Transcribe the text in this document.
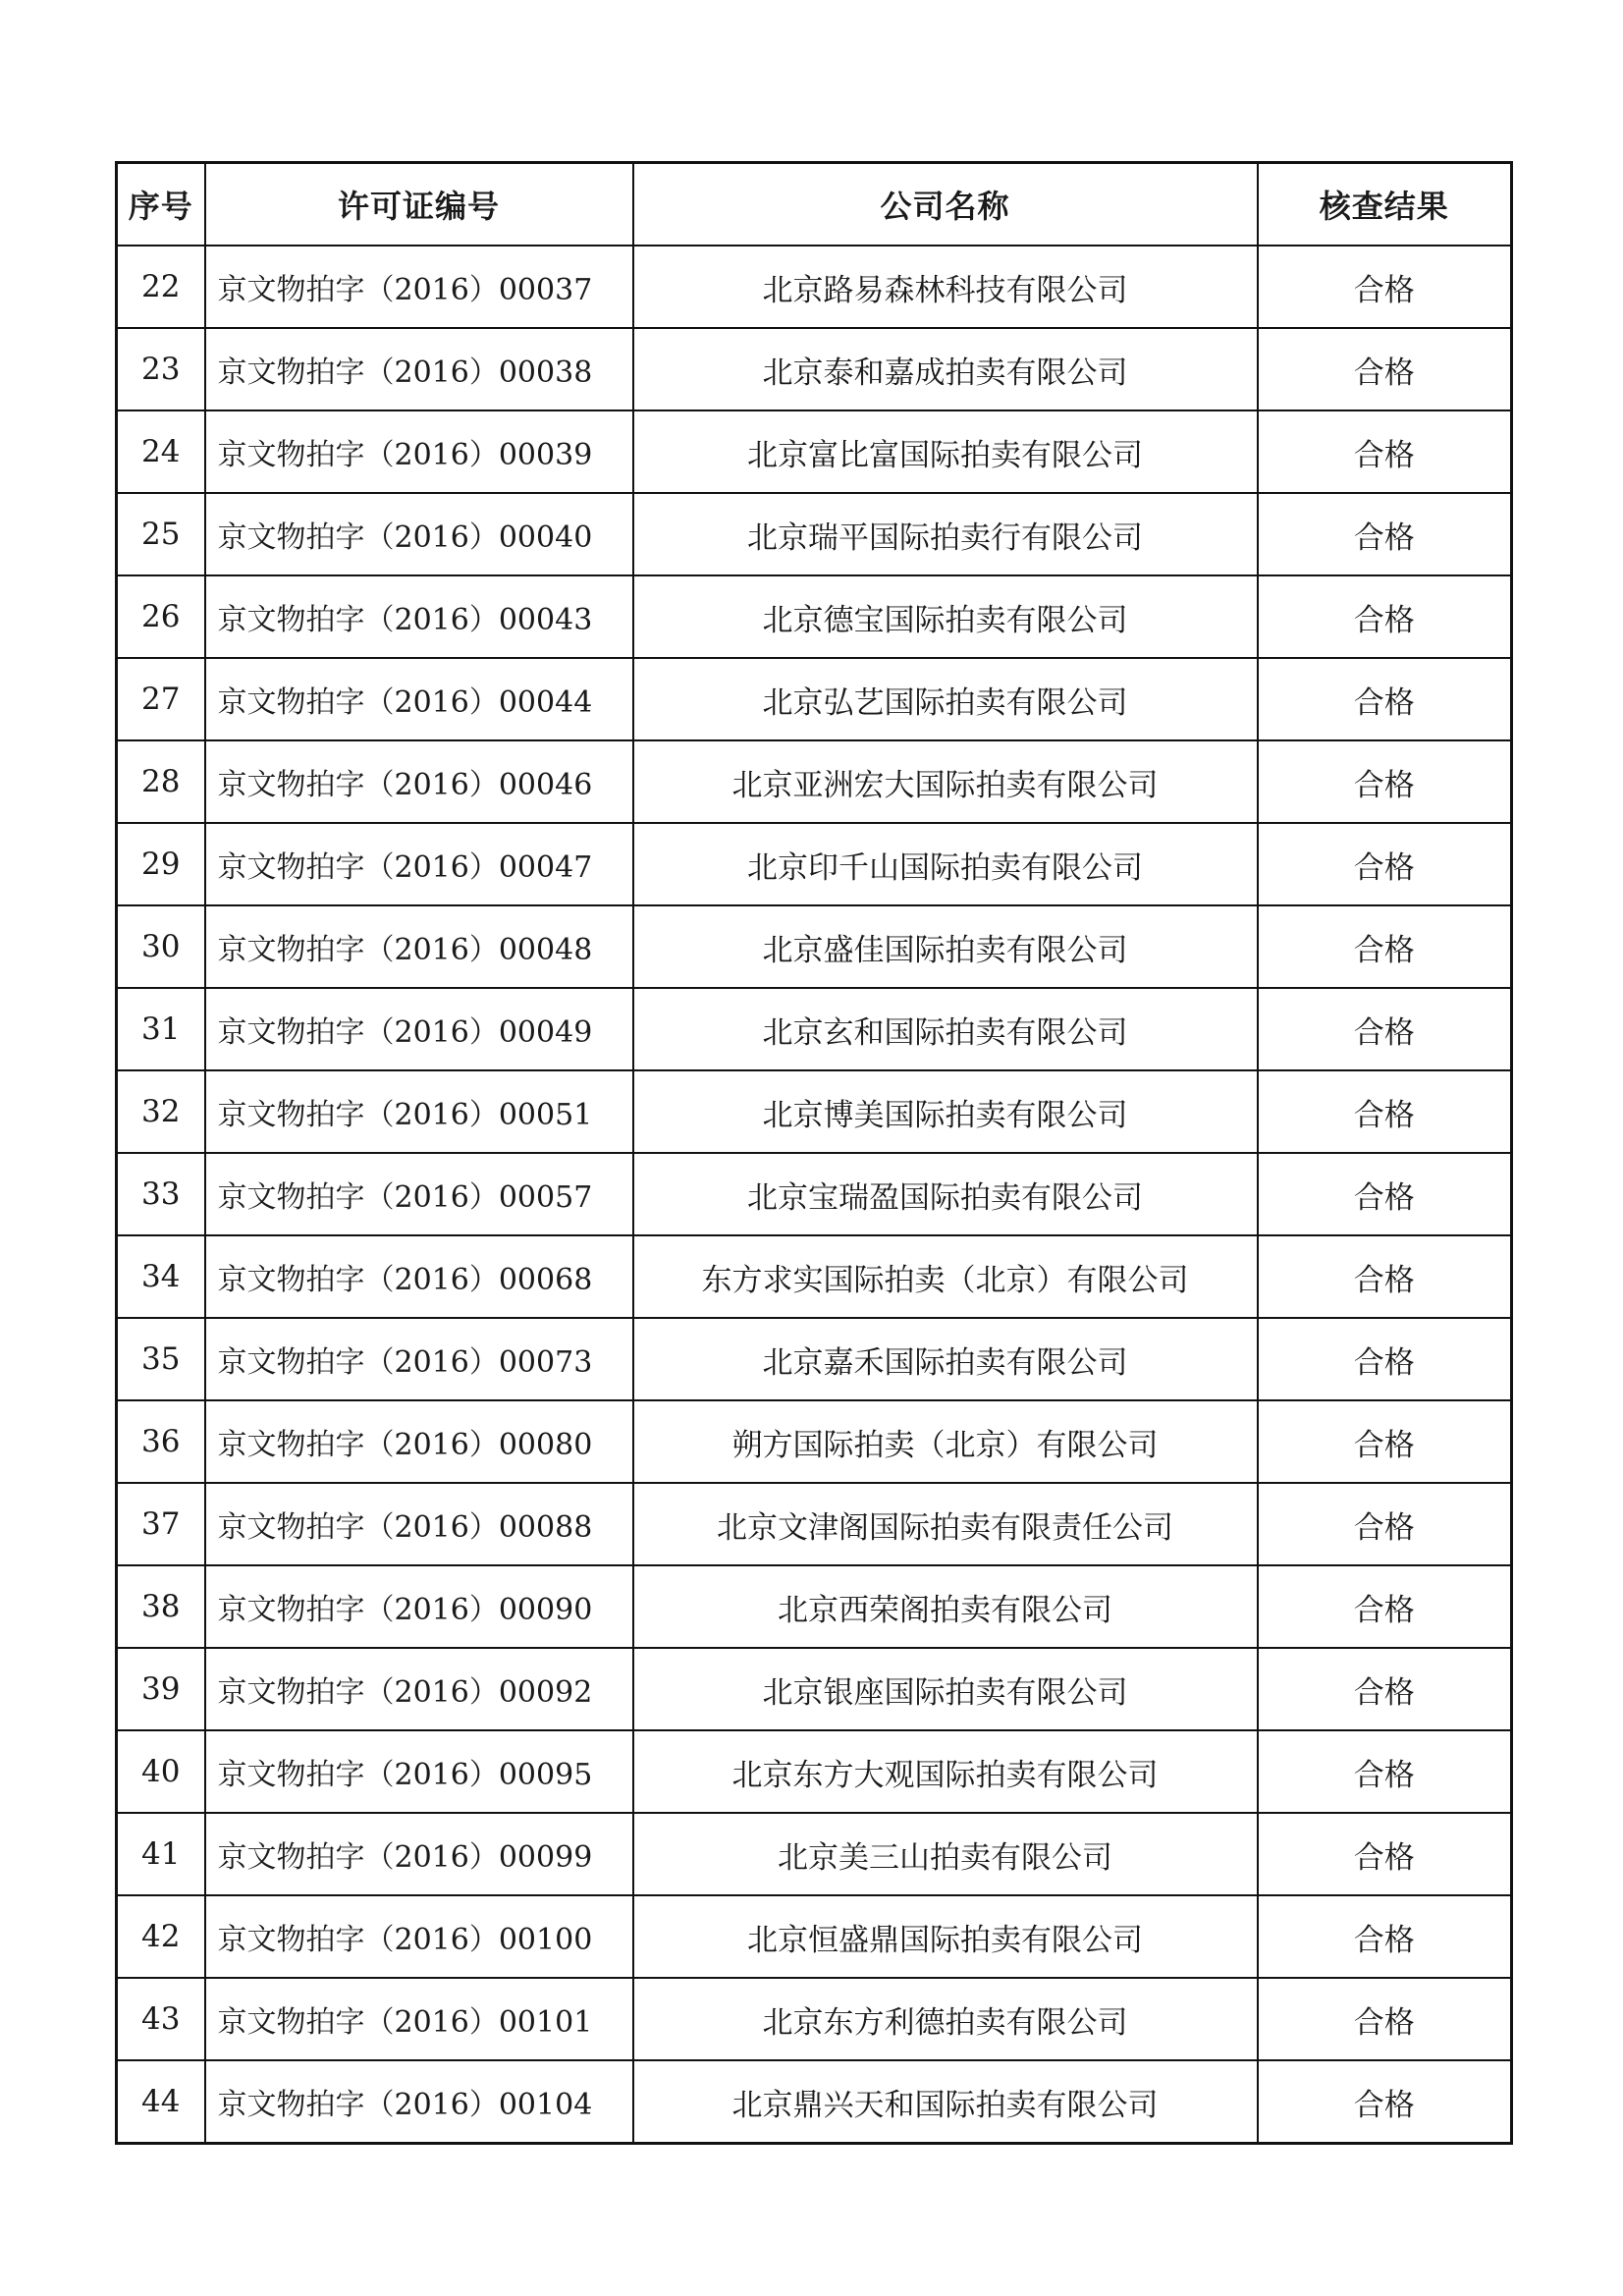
序号	许可证编号	公司名称	核查结果
22	京文物拍字（2016）00037	北京路易森林科技有限公司	合格
23	京文物拍字（2016）00038	北京泰和嘉成拍卖有限公司	合格
24	京文物拍字（2016）00039	北京富比富国际拍卖有限公司	合格
25	京文物拍字（2016）00040	北京瑞平国际拍卖行有限公司	合格
26	京文物拍字（2016）00043	北京德宝国际拍卖有限公司	合格
27	京文物拍字（2016）00044	北京弘艺国际拍卖有限公司	合格
28	京文物拍字（2016）00046	北京亚洲宏大国际拍卖有限公司	合格
29	京文物拍字（2016）00047	北京印千山国际拍卖有限公司	合格
30	京文物拍字（2016）00048	北京盛佳国际拍卖有限公司	合格
31	京文物拍字（2016）00049	北京玄和国际拍卖有限公司	合格
32	京文物拍字（2016）00051	北京博美国际拍卖有限公司	合格
33	京文物拍字（2016）00057	北京宝瑞盈国际拍卖有限公司	合格
34	京文物拍字（2016）00068	东方求实国际拍卖（北京）有限公司	合格
35	京文物拍字（2016）00073	北京嘉禾国际拍卖有限公司	合格
36	京文物拍字（2016）00080	朔方国际拍卖（北京）有限公司	合格
37	京文物拍字（2016）00088	北京文津阁国际拍卖有限责任公司	合格
38	京文物拍字（2016）00090	北京西荣阁拍卖有限公司	合格
39	京文物拍字（2016）00092	北京银座国际拍卖有限公司	合格
40	京文物拍字（2016）00095	北京东方大观国际拍卖有限公司	合格
41	京文物拍字（2016）00099	北京美三山拍卖有限公司	合格
42	京文物拍字（2016）00100	北京恒盛鼎国际拍卖有限公司	合格
43	京文物拍字（2016）00101	北京东方利德拍卖有限公司	合格
44	京文物拍字（2016）00104	北京鼎兴天和国际拍卖有限公司	合格
